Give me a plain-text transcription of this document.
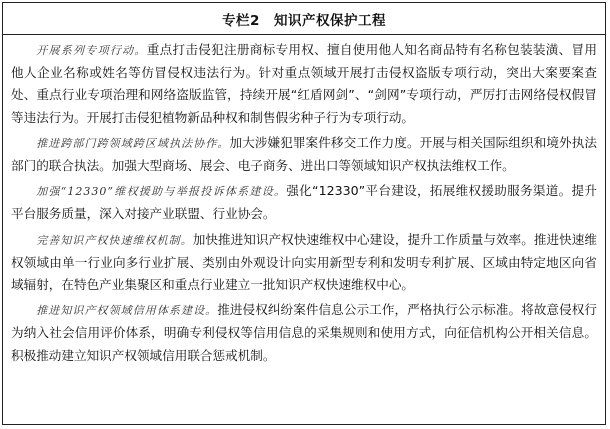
专栏2 知识产权保护工程

开展系列专项行动。重点打击侵犯注册商标专用权、擅自使用他人知名商品特有名称包装装潢、冒用他人企业名称或姓名等仿冒侵权违法行为。针对重点领域开展打击侵权盗版专项行动，突出大案要案查处、重点行业专项治理和网络盗版监管，持续开展“红盾网剑”、“剑网”专项行动，严厉打击网络侵权假冒等违法行为。开展打击侵犯植物新品种权和制售假劣种子行为专项行动。

推进跨部门跨领域跨区域执法协作。加大涉嫌犯罪案件移交工作力度。开展与相关国际组织和境外执法部门的联合执法。加强大型商场、展会、电子商务、进出口等领域知识产权执法维权工作。

加强“12330”维权援助与举报投诉体系建设。强化“12330”平台建设，拓展维权援助服务渠道。提升平台服务质量，深入对接产业联盟、行业协会。

完善知识产权快速维权机制。加快推进知识产权快速维权中心建设，提升工作质量与效率。推进快速维权领域由单一行业向多行业扩展、类别由外观设计向实用新型专利和发明专利扩展、区域由特定地区向省域辐射，在特色产业集聚区和重点行业建立一批知识产权快速维权中心。

推进知识产权领域信用体系建设。推进侵权纠纷案件信息公示工作，严格执行公示标准。将故意侵权行为纳入社会信用评价体系，明确专利侵权等信用信息的采集规则和使用方式，向征信机构公开相关信息。积极推动建立知识产权领域信用联合惩戒机制。
